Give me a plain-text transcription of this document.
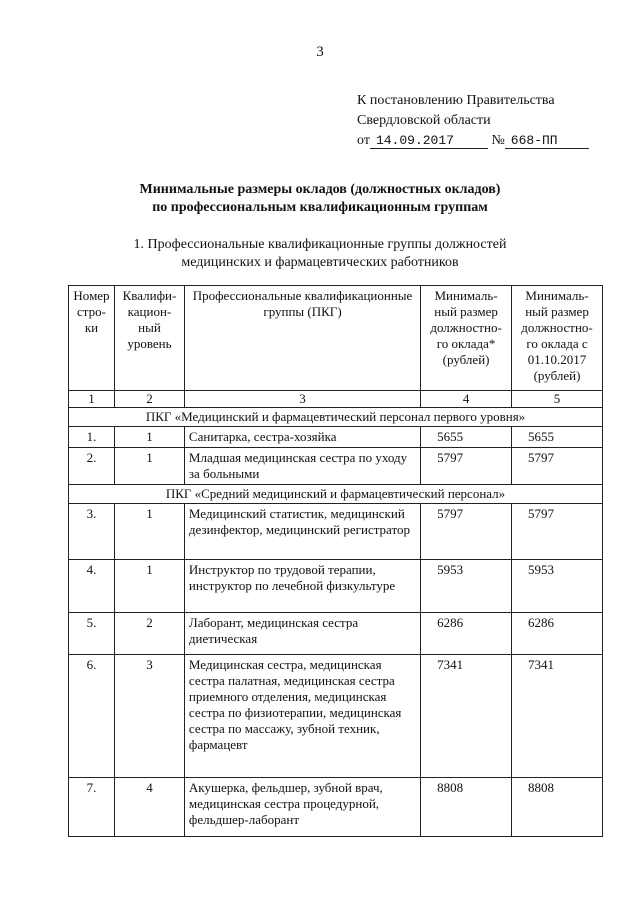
3
К постановлению Правительства
Свердловской области
от 14.09.2017	№ 668-ПП
Минимальные размеры окладов (должностных окладов)
по профессиональным квалификационным группам
1. Профессиональные квалификационные группы должностей
медицинских и фармацевтических работников
Номер стро- ки	Квалифи- кацион- ный уровень	Профессиональные квалификационные группы (ПКГ)	Минималь- ный размер должностно- го оклада* (рублей)	Минималь- ный размер должностно- го оклада с 01.10.2017 (рублей)
1	2	3	4	5
ПКГ «Медицинский и фармацевтический персонал первого уровня»				
1.	1	Санитарка, сестра-хозяйка	5655	5655
2.	1	Младшая медицинская сестра по уходу за больными	5797	5797
ПКГ «Средний медицинский и фармацевтический персонал»				
3.	1	Медицинский статистик, медицинский дезинфектор, медицинский регистратор	5797	5797
4.	1	Инструктор по трудовой терапии, инструктор по лечебной физкультуре	5953	5953
5.	2	Лаборант, медицинская сестра диетическая	6286	6286
6.	3	Медицинская сестра, медицинская сестра палатная, медицинская сестра приемного отделения, медицинская сестра по физиотерапии, медицинская сестра по массажу, зубной техник, фармацевт	7341	7341
7.	4	Акушерка, фельдшер, зубной врач, медицинская сестра процедурной, фельдшер-лаборант	8808	8808
